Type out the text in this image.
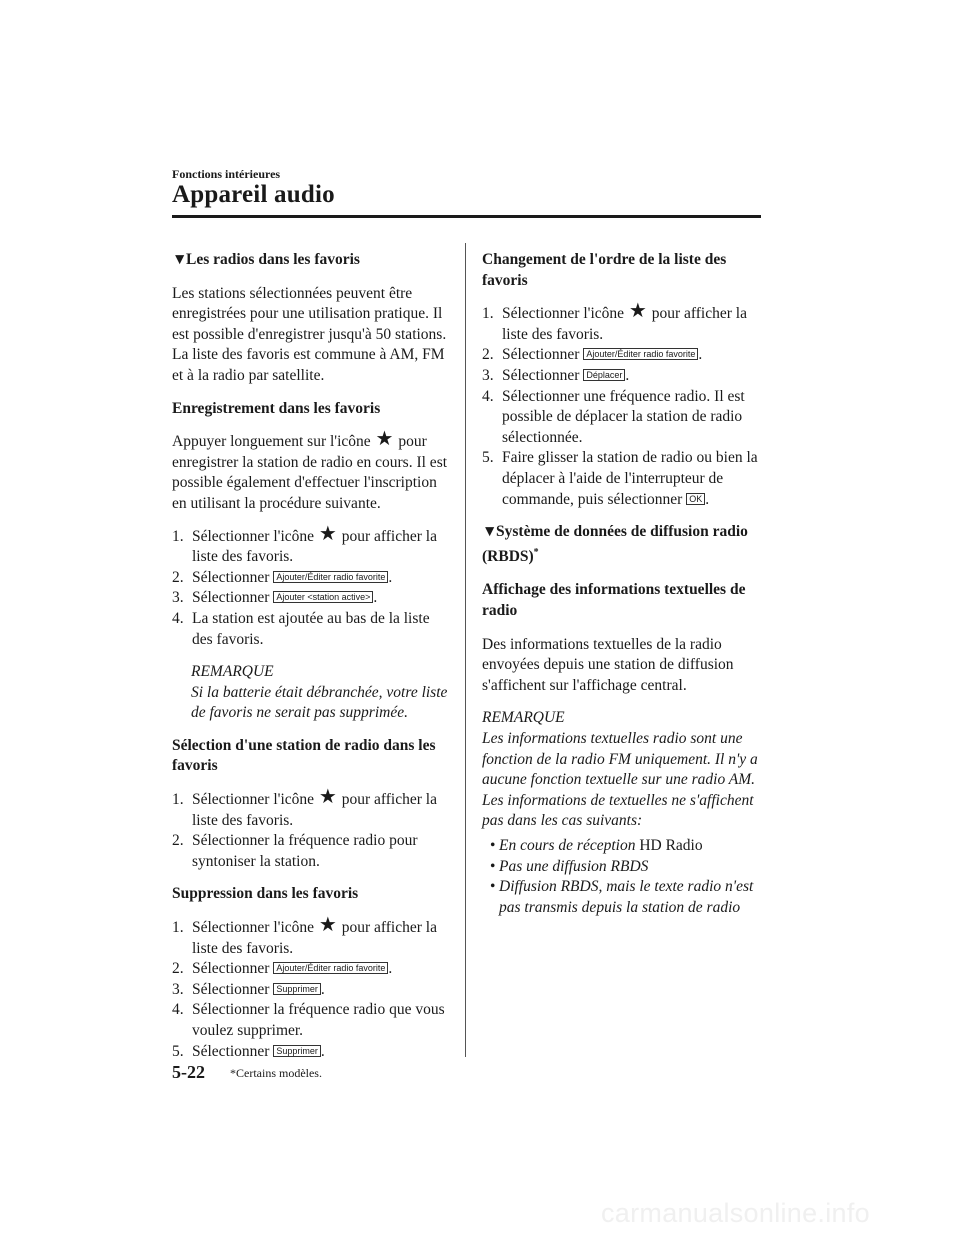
Fonctions intérieures
Appareil audio
▼Les radios dans les favoris

Les stations sélectionnées peuvent être enregistrées pour une utilisation pratique. Il est possible d'enregistrer jusqu'à 50 stations. La liste des favoris est commune à AM, FM et à la radio par satellite.

Enregistrement dans les favoris

Appuyer longuement sur l'icône ★ pour enregistrer la station de radio en cours. Il est possible également d'effectuer l'inscription en utilisant la procédure suivante.

1. Sélectionner l'icône ★ pour afficher la liste des favoris.
2. Sélectionner Ajouter/Éditer radio favorite .
3. Sélectionner Ajouter <station active> .
4. La station est ajoutée au bas de la liste des favoris.
REMARQUE
Si la batterie était débranchée, votre liste de favoris ne serait pas supprimée.
Sélection d'une station de radio dans les favoris
1. Sélectionner l'icône ★ pour afficher la liste des favoris.
2. Sélectionner la fréquence radio pour syntoniser la station.
Suppression dans les favoris
1. Sélectionner l'icône ★ pour afficher la liste des favoris.
2. Sélectionner Ajouter/Éditer radio favorite .
3. Sélectionner Supprimer .
4. Sélectionner la fréquence radio que vous voulez supprimer.
5. Sélectionner Supprimer .
Changement de l'ordre de la liste des favoris
1. Sélectionner l'icône ★ pour afficher la liste des favoris.
2. Sélectionner Ajouter/Éditer radio favorite .
3. Sélectionner Déplacer .
4. Sélectionner une fréquence radio. Il est possible de déplacer la station de radio sélectionnée.
5. Faire glisser la station de radio ou bien la déplacer à l'aide de l'interrupteur de commande, puis sélectionner OK .
▼Système de données de diffusion radio (RBDS)*
Affichage des informations textuelles de radio

Des informations textuelles de la radio envoyées depuis une station de diffusion s'affichent sur l'affichage central.

REMARQUE
Les informations textuelles radio sont une fonction de la radio FM uniquement. Il n'y a aucune fonction textuelle sur une radio AM. Les informations de textuelles ne s'affichent pas dans les cas suivants:
• En cours de réception HD Radio
• Pas une diffusion RBDS
• Diffusion RBDS, mais le texte radio n'est pas transmis depuis la station de radio
5-22 *Certains modèles.
carmanualsonline.info
